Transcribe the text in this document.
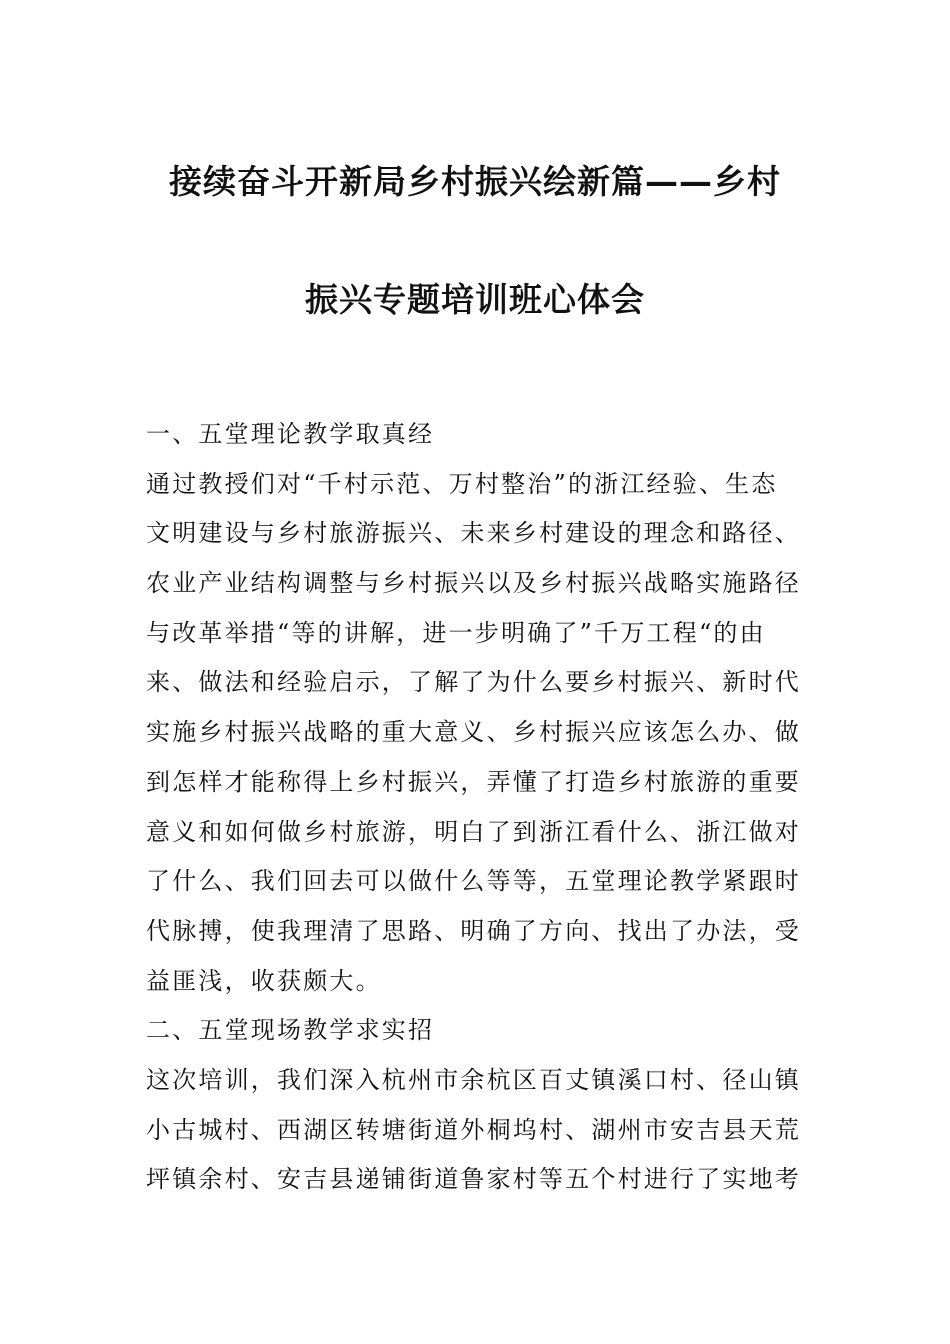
接续奋斗开新局乡村振兴绘新篇——乡村
振兴专题培训班心体会
一、五堂理论教学取真经
通过教授们对“千村示范、万村整治”的浙江经验、生态
文明建设与乡村旅游振兴、未来乡村建设的理念和路径、
农业产业结构调整与乡村振兴以及乡村振兴战略实施路径
与改革举措“等的讲解，进一步明确了”千万工程“的由
来、做法和经验启示，了解了为什么要乡村振兴、新时代
实施乡村振兴战略的重大意义、乡村振兴应该怎么办、做
到怎样才能称得上乡村振兴，弄懂了打造乡村旅游的重要
意义和如何做乡村旅游，明白了到浙江看什么、浙江做对
了什么、我们回去可以做什么等等，五堂理论教学紧跟时
代脉搏，使我理清了思路、明确了方向、找出了办法，受
益匪浅，收获颇大。
二、五堂现场教学求实招
这次培训，我们深入杭州市余杭区百丈镇溪口村、径山镇
小古城村、西湖区转塘街道外桐坞村、湖州市安吉县天荒
坪镇余村、安吉县递铺街道鲁家村等五个村进行了实地考
